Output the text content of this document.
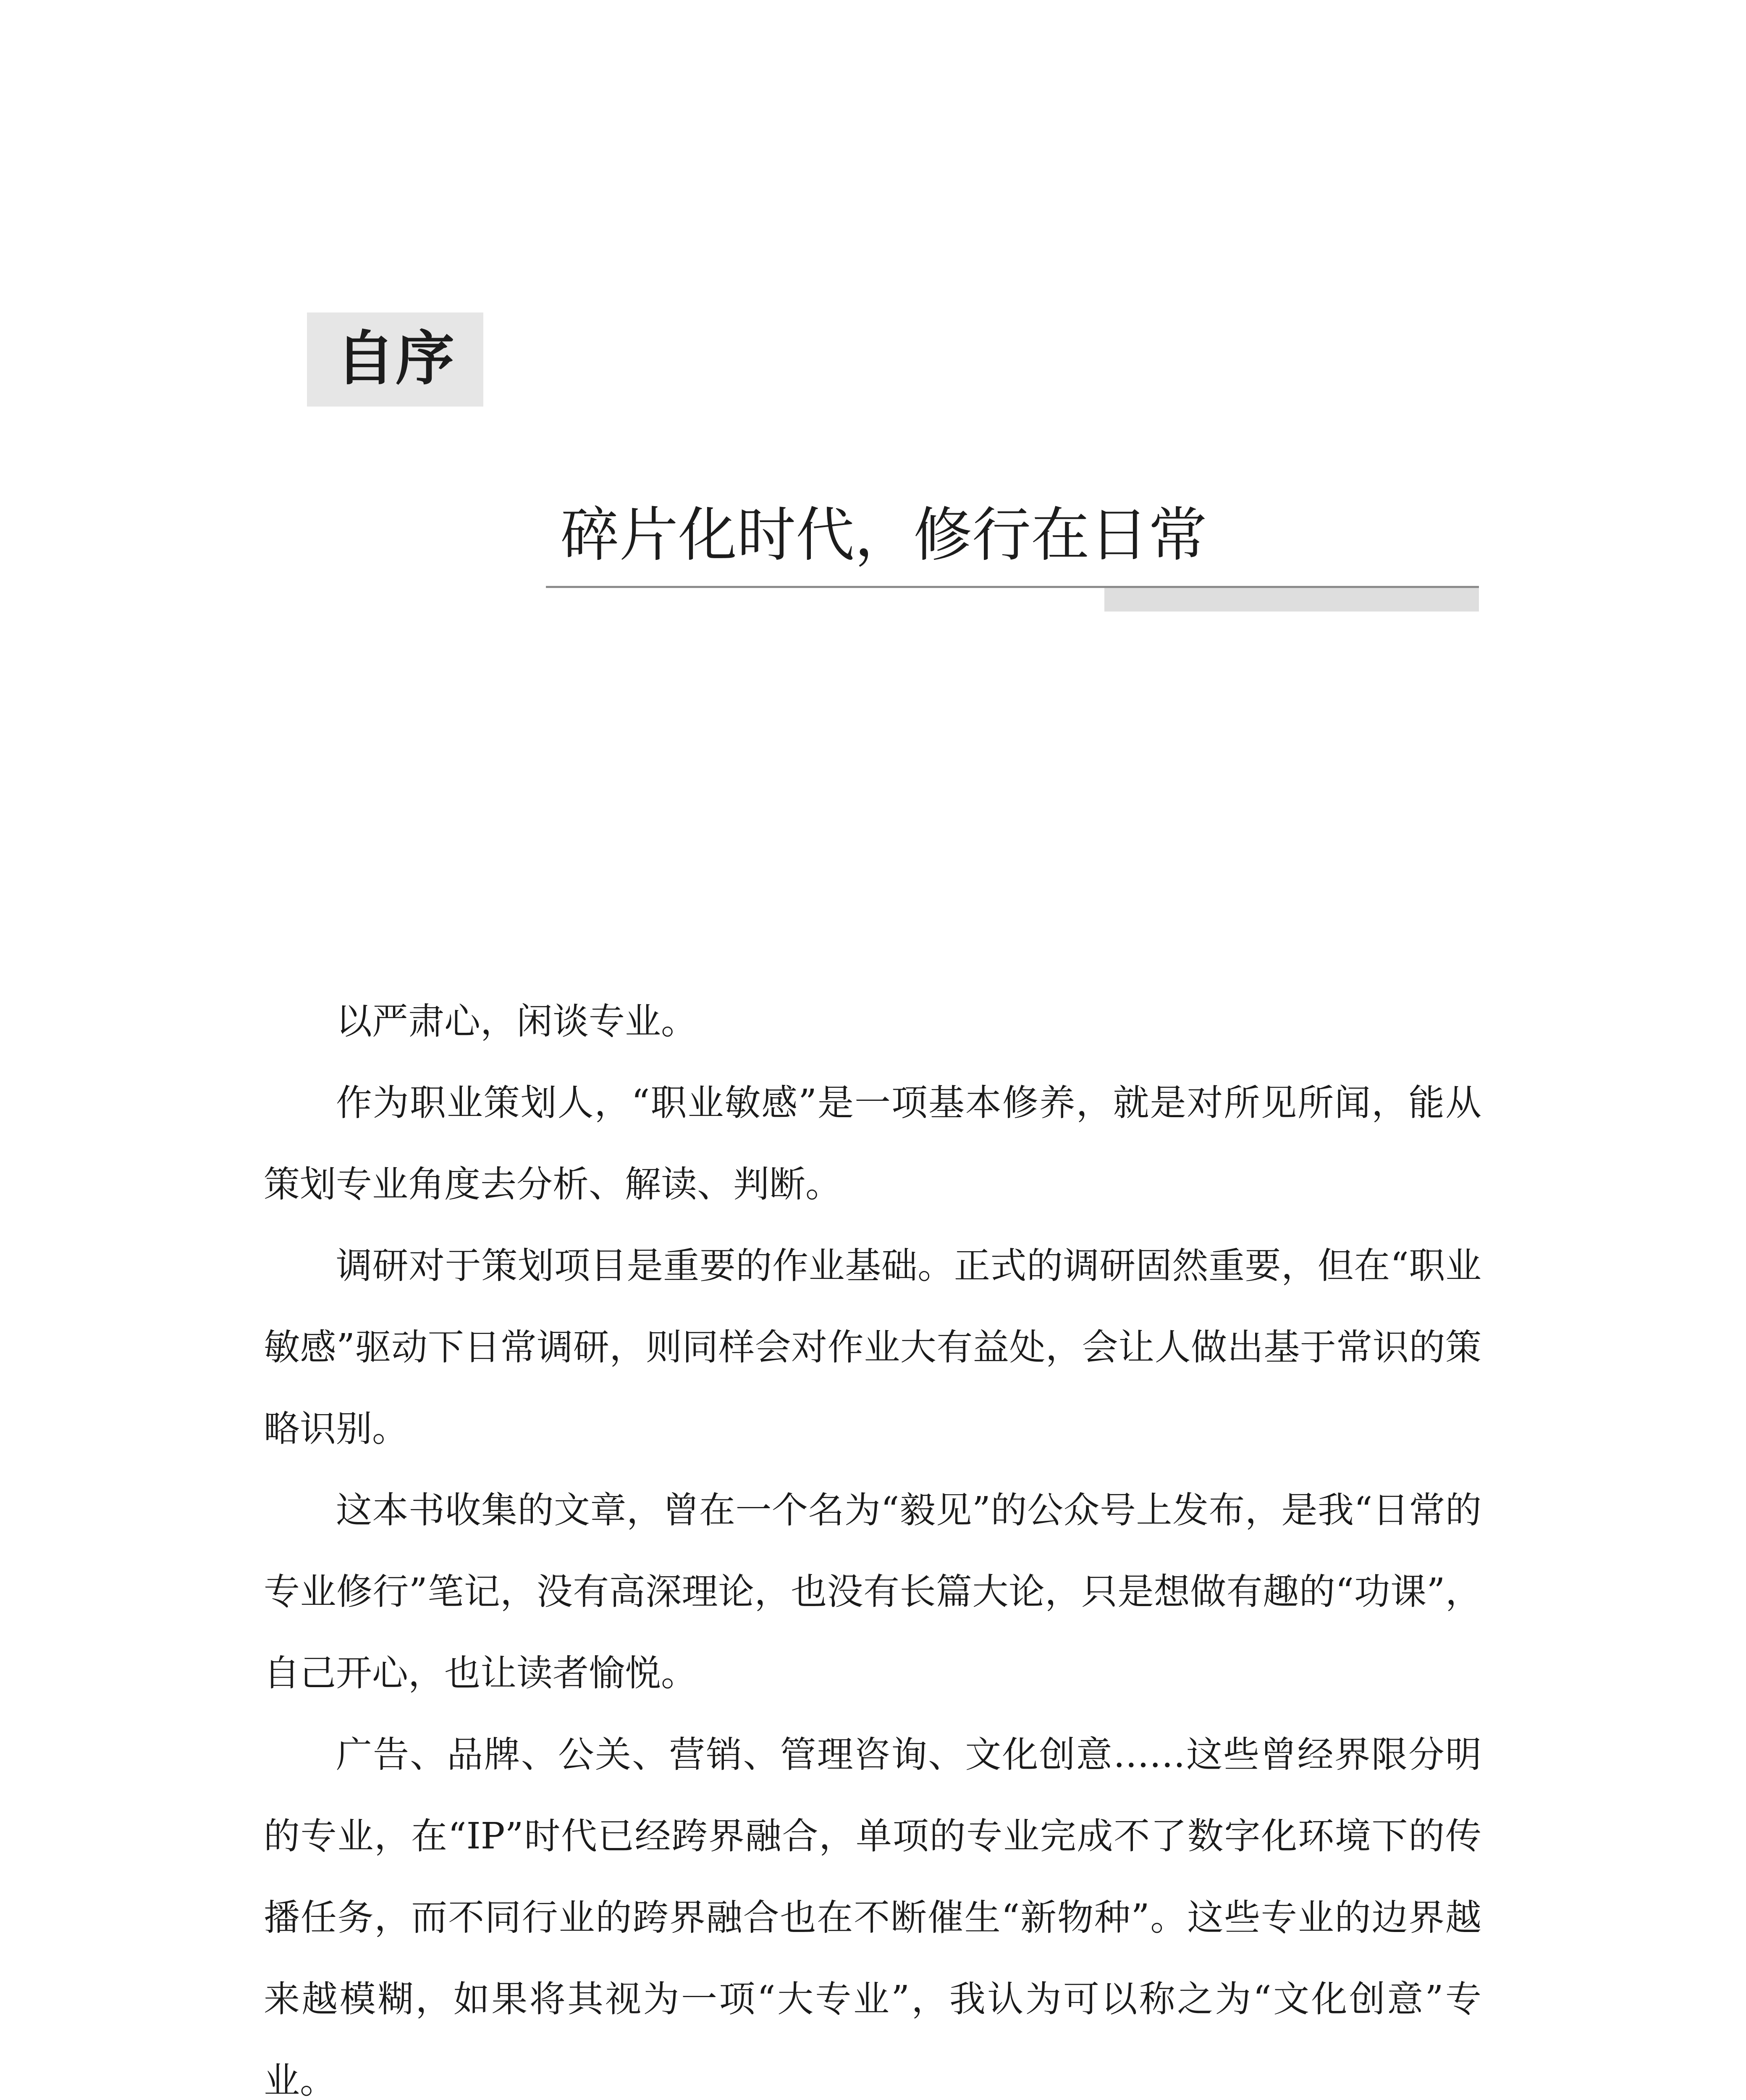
自序
碎片化时代，修行在日常

以严肃心，闲谈专业。

作为职业策划人，“职业敏感”是一项基本修养，就是对所见所闻，能从策划专业角度去分析、解读、判断。

调研对于策划项目是重要的作业基础。正式的调研固然重要，但在“职业敏感”驱动下日常调研，则同样会对作业大有益处，会让人做出基于常识的策略识别。

这本书收集的文章，曾在一个名为“毅见”的公众号上发布，是我“日常的专业修行”笔记，没有高深理论，也没有长篇大论，只是想做有趣的“功课”，自己开心，也让读者愉悦。

广告、品牌、公关、营销、管理咨询、文化创意……这些曾经界限分明的专业，在“IP”时代已经跨界融合，单项的专业完成不了数字化环境下的传播任务，而不同行业的跨界融合也在不断催生“新物种”。这些专业的边界越来越模糊，如果将其视为一项“大专业”，我认为可以称之为“文化创意”专业。
